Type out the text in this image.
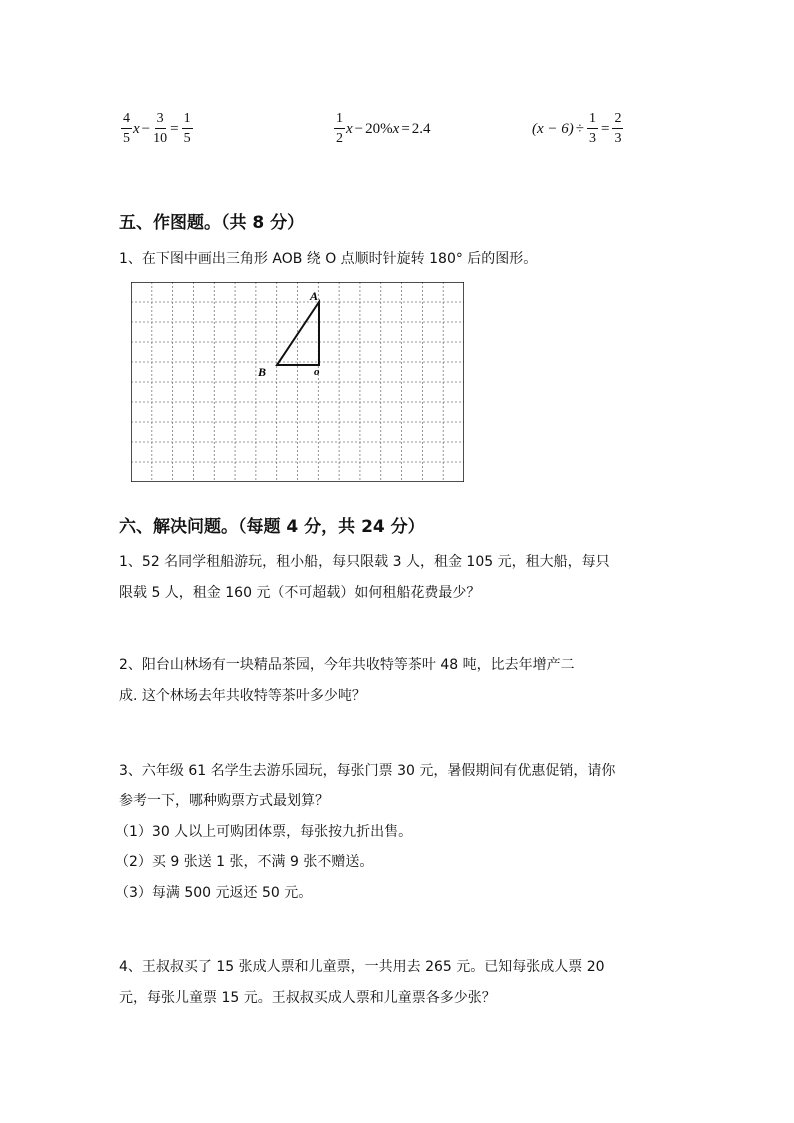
$\frac{4}{5}$ $x - \frac{3}{10} = \frac{1}{5}$	$\frac{1}{2}$ x − 20% x = 2.4	$(x - 6) \div \frac{1}{3} = \frac{2}{3}$
五、作图题。（共 8 分）
1、在下图中画出三角形 AOB 绕 O 点顺时针旋转 180° 后的图形。
A
B	o
六、解决问题。（每题 4 分，共 24 分）
1、52 名同学租船游玩，租小船，每只限载 3 人，租金 105 元，租大船，每只
限载 5 人，租金 160 元（不可超载）如何租船花费最少？
2、阳台山林场有一块精品茶园，今年共收特等茶叶 48 吨，比去年增产二
成. 这个林场去年共收特等茶叶多少吨？
3、六年级 61 名学生去游乐园玩，每张门票 30 元，暑假期间有优惠促销，请你
参考一下，哪种购票方式最划算？
（1）30 人以上可购团体票，每张按九折出售。
（2）买 9 张送 1 张，不满 9 张不赠送。
（3）每满 500 元返还 50 元。
4、王叔叔买了 15 张成人票和儿童票，一共用去 265 元。已知每张成人票 20
元，每张儿童票 15 元。王叔叔买成人票和儿童票各多少张？
